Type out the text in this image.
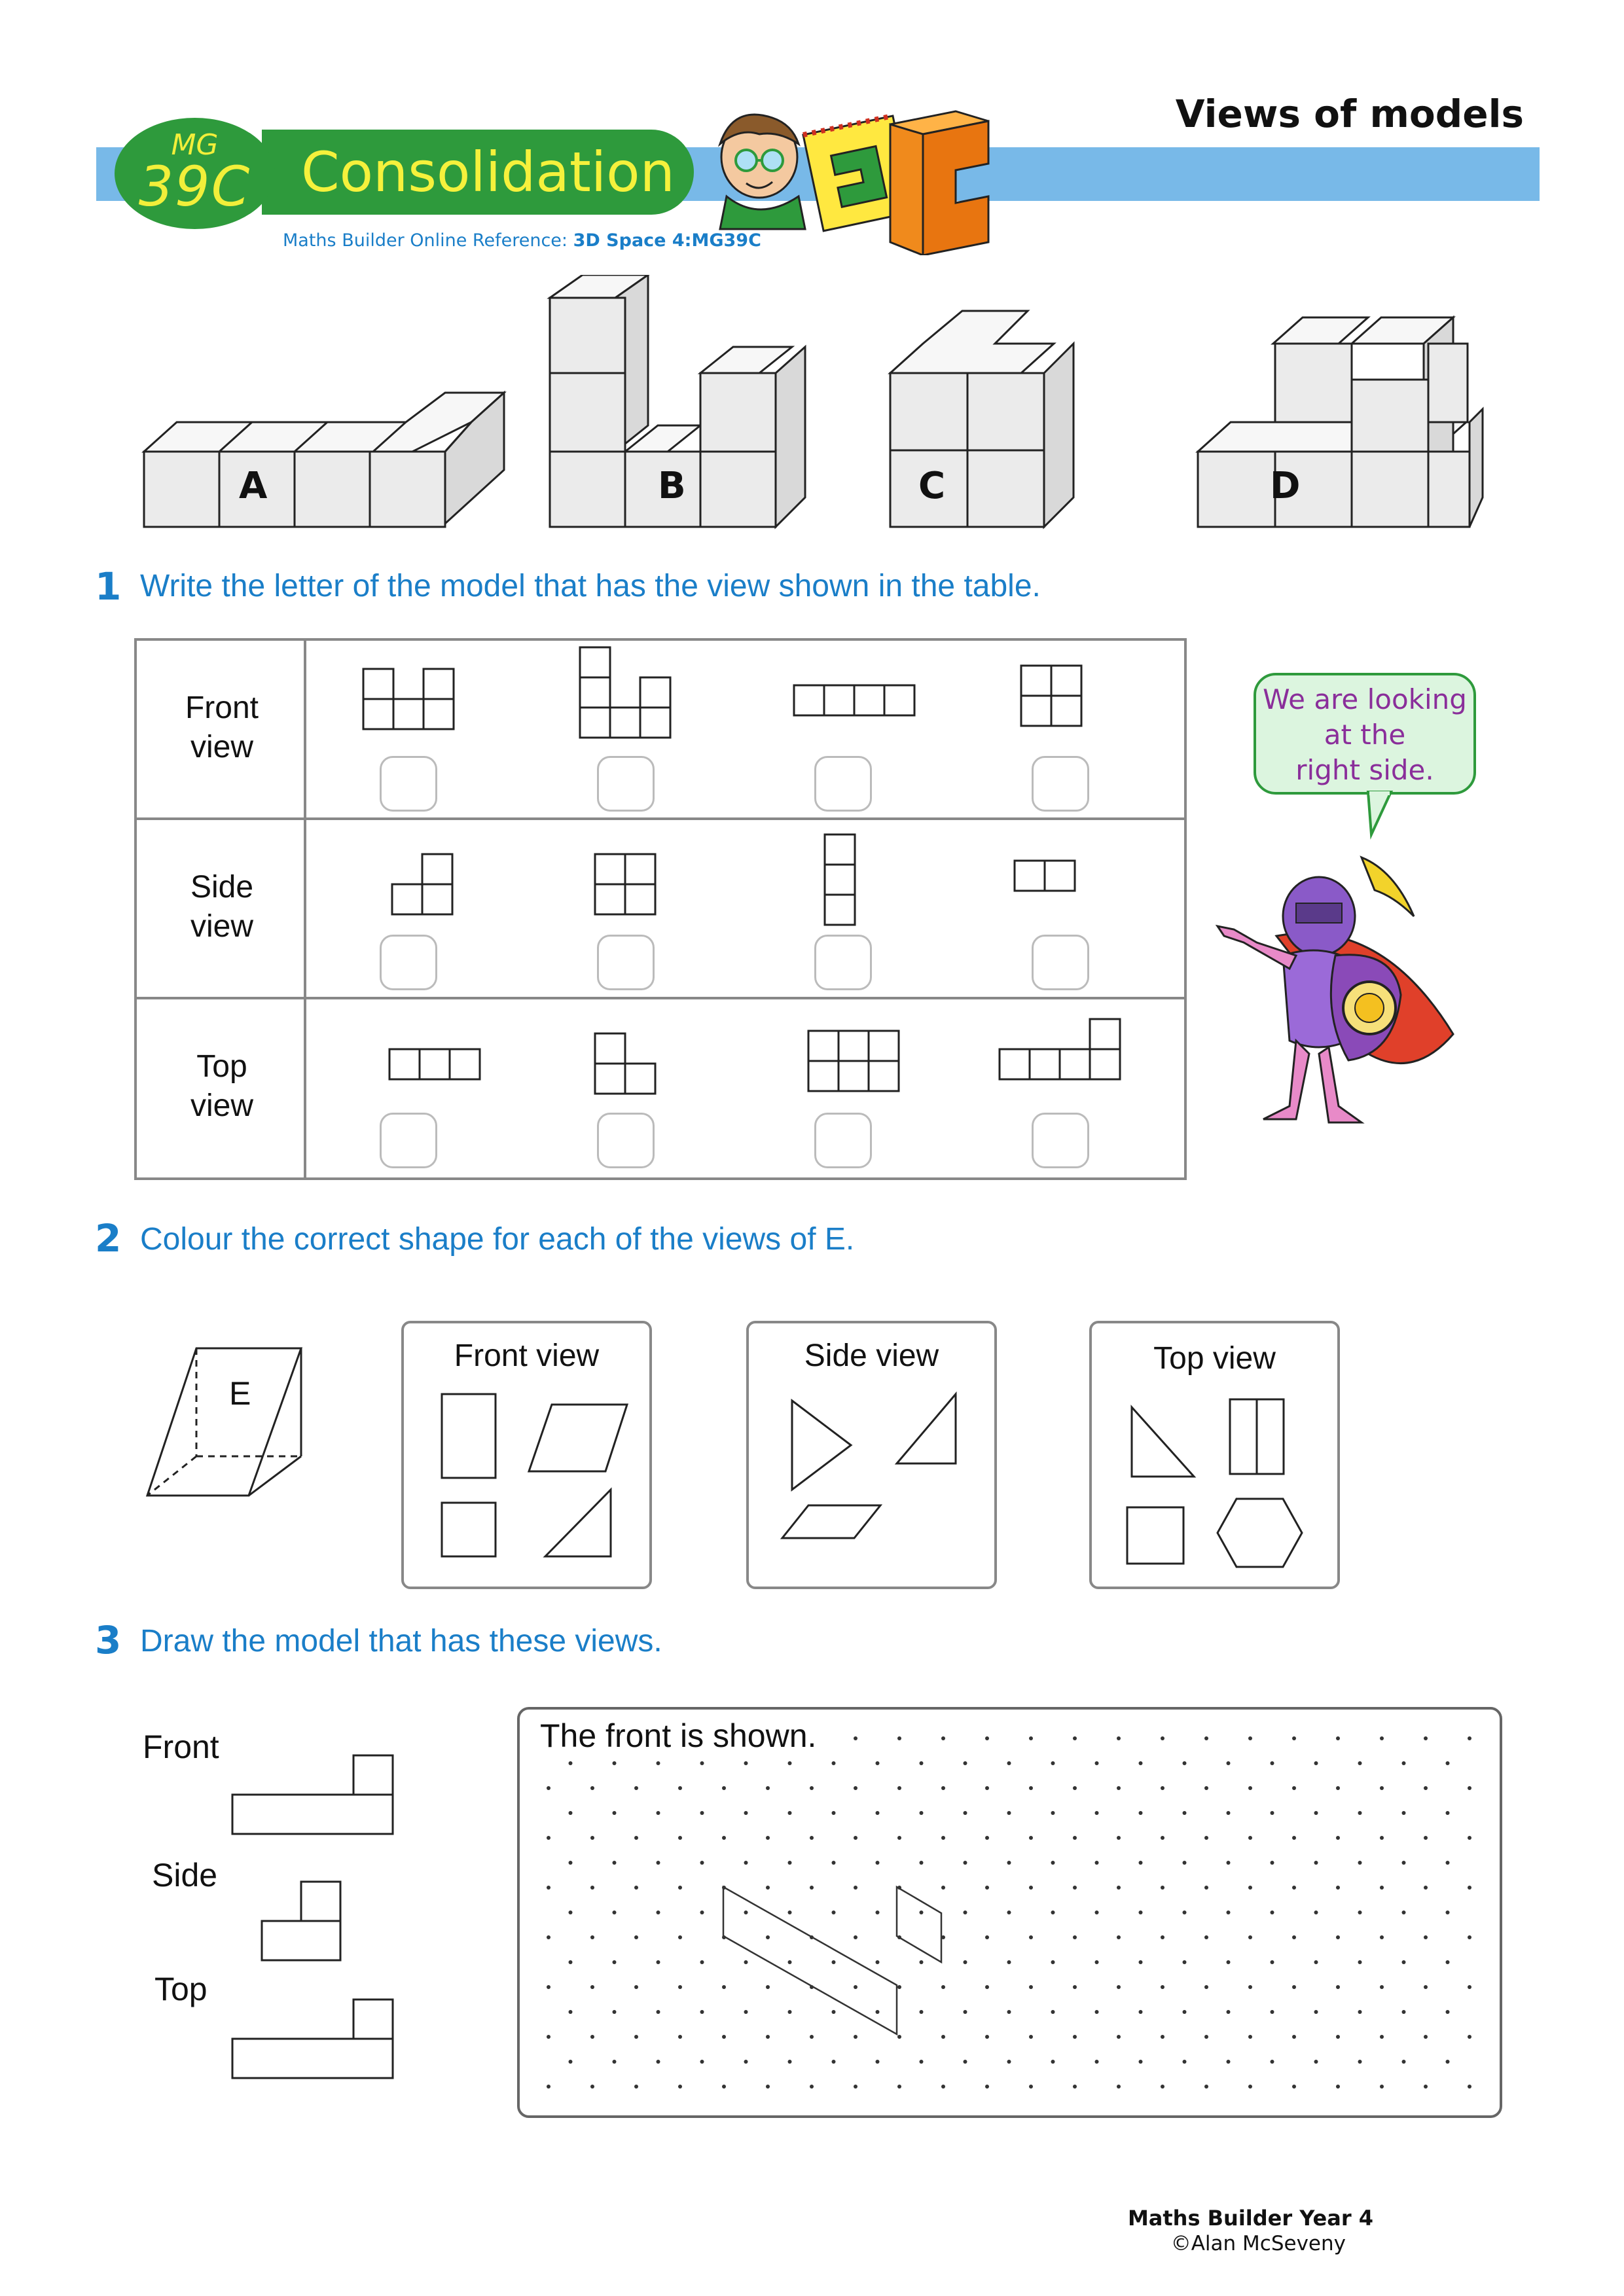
Consolidation
MG
39C
Views of models
Maths Builder Online Reference: 3D Space 4:MG39C
A	B	C	D
1 Write the letter of the model that has the view shown in the table.
Front
view
Side
view
Top
view
We are looking
at the
right side.
2 Colour the correct shape for each of the views of E.
E
Front view	Side view	Top view
3 Draw the model that has these views.
Front
Side
Top
The front is shown.
Maths Builder Year 4
©Alan McSeveny
